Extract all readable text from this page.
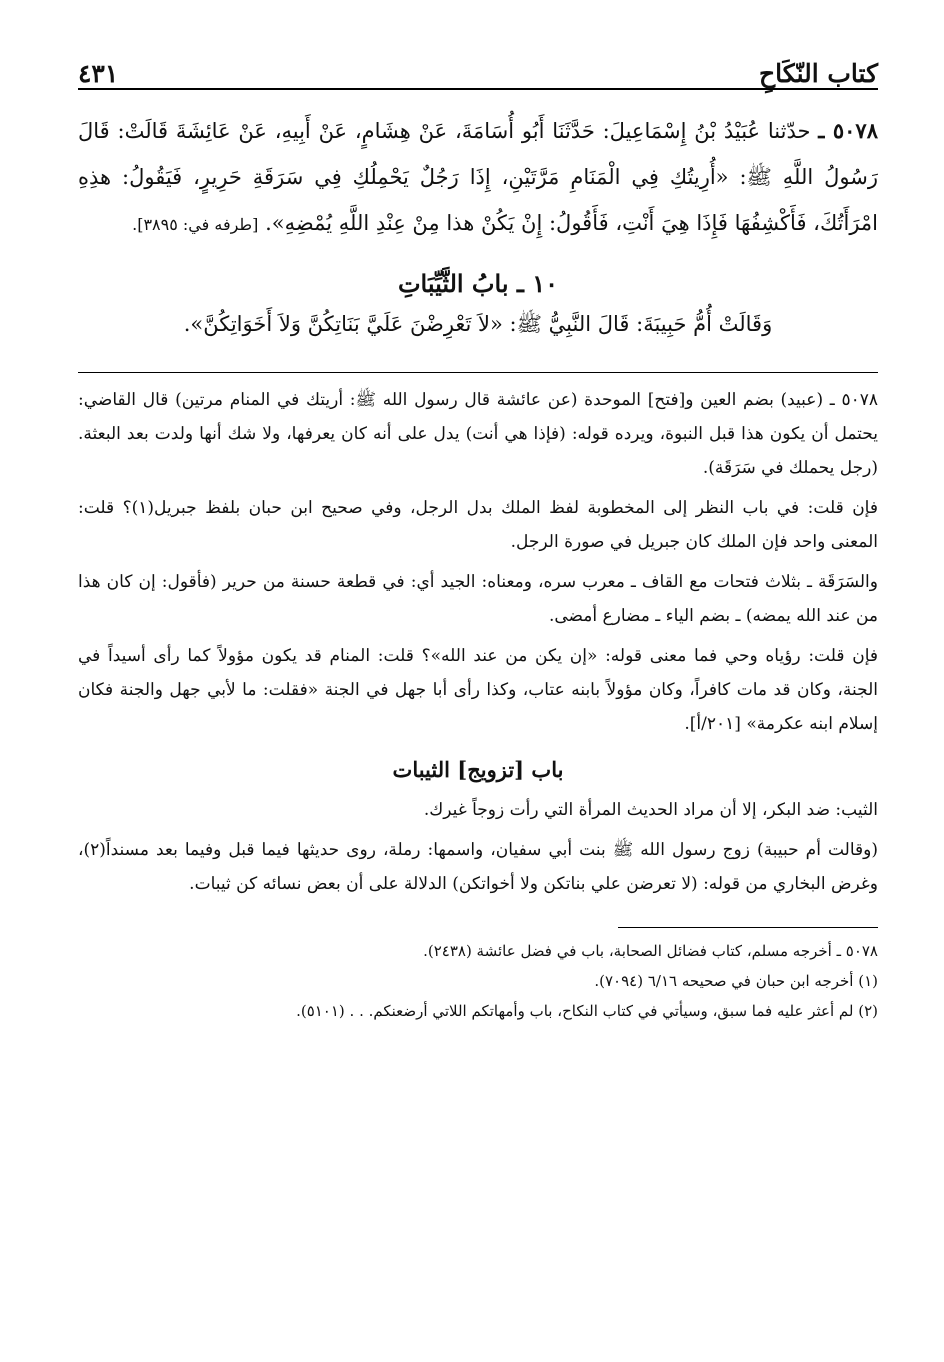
كتاب النّكَاحِ
٤٣١
٥٠٧٨ ـ حدّثنا عُبَيْدُ بْنُ إِسْمَاعِيلَ: حَدَّثَنَا أَبُو أُسَامَةَ، عَنْ هِشَامٍ، عَنْ أَبِيهِ، عَنْ عَائِشَةَ قَالَتْ: قَالَ رَسُولُ اللَّهِ ﷺ: «أُرِيتُكِ فِي الْمَنَامِ مَرَّتَيْنِ، إِذَا رَجُلٌ يَحْمِلُكِ فِي سَرَقَةِ حَرِيرٍ، فَيَقُولُ: هذِهِ امْرَأَتُكَ، فَأَكْشِفُهَا فَإِذَا هِيَ أَنْتِ، فَأَقُولُ: إِنْ يَكُنْ هذا مِنْ عِنْدِ اللَّهِ يُمْضِهِ». [طرفه في: ٣٨٩٥].
١٠ ـ بابُ الثَّيِّبَاتِ
وَقَالَتْ أُمُّ حَبِيبَةَ: قَالَ النَّبِيُّ ﷺ: «لاَ تَعْرِضْنَ عَلَيَّ بَنَاتِكُنَّ وَلاَ أَخَوَاتِكُنَّ».

٥٠٧٨ ـ (عبيد) بضم العين و[فتح] الموحدة (عن عائشة قال رسول الله ﷺ: أريتك في المنام مرتين) قال القاضي: يحتمل أن يكون هذا قبل النبوة، ويرده قوله: (فإذا هي أنت) يدل على أنه كان يعرفها، ولا شك أنها ولدت بعد البعثة. (رجل يحملك في سَرَقَة).

فإن قلت: في باب النظر إلى المخطوبة لفظ الملك بدل الرجل، وفي صحيح ابن حبان بلفظ جبريل(١)؟ قلت: المعنى واحد فإن الملك كان جبريل في صورة الرجل.

والسَرَقَة ـ بثلاث فتحات مع القاف ـ معرب سره، ومعناه: الجيد أي: في قطعة حسنة من حرير (فأقول: إن كان هذا من عند الله يمضه) ـ بضم الياء ـ مضارع أمضى.

فإن قلت: رؤياه وحي فما معنى قوله: «إن يكن من عند الله»؟ قلت: المنام قد يكون مؤولاً كما رأى أسيداً في الجنة، وكان قد مات كافراً، وكان مؤولاً بابنه عتاب، وكذا رأى أبا جهل في الجنة «فقلت: ما لأبي جهل والجنة فكان إسلام ابنه عكرمة» [٢٠١/أ].

باب [تزويج] الثيبات

الثيب: ضد البكر، إلا أن مراد الحديث المرأة التي رأت زوجاً غيرك.

(وقالت أم حبيبة) زوج رسول الله ﷺ بنت أبي سفيان، واسمها: رملة، روى حديثها فيما قبل وفيما بعد مسنداً(٢)، وغرض البخاري من قوله: (لا تعرضن علي بناتكن ولا أخواتكن) الدلالة على أن بعض نسائه كن ثيبات.

٥٠٧٨ ـ أخرجه مسلم، كتاب فضائل الصحابة، باب في فضل عائشة (٢٤٣٨).
(١) أخرجه ابن حبان في صحيحه ٦/١٦ (٧٠٩٤).
(٢) لم أعثر عليه فما سبق، وسيأتي في كتاب النكاح، باب وأمهاتكم اللاتي أرضعنكم. . . (٥١٠١).
